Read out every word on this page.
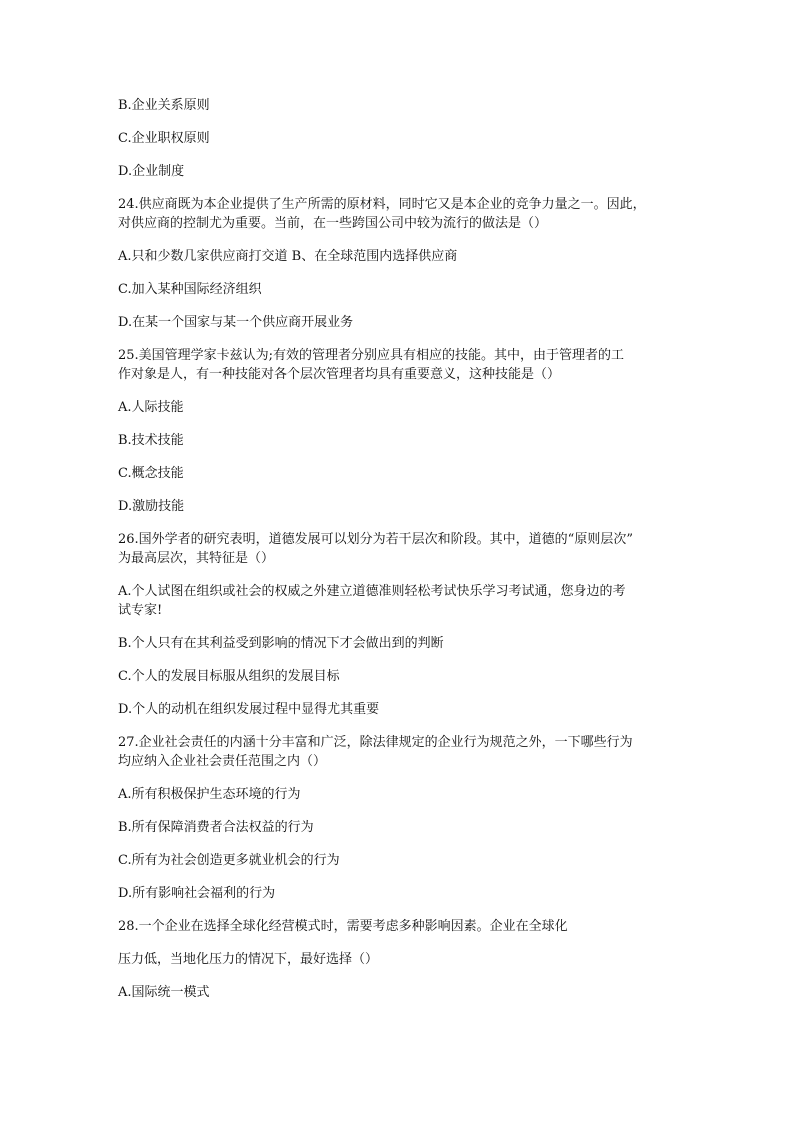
B.企业关系原则
C.企业职权原则
D.企业制度
24.供应商既为本企业提供了生产所需的原材料，同时它又是本企业的竞争力量之一。因此，
对供应商的控制尤为重要。当前，在一些跨国公司中较为流行的做法是（）
A.只和少数几家供应商打交道 B、在全球范围内选择供应商
C.加入某种国际经济组织
D.在某一个国家与某一个供应商开展业务
25.美国管理学家卡兹认为;有效的管理者分别应具有相应的技能。其中，由于管理者的工
作对象是人，有一种技能对各个层次管理者均具有重要意义，这种技能是（）
A.人际技能
B.技术技能
C.概念技能
D.激励技能
26.国外学者的研究表明，道德发展可以划分为若干层次和阶段。其中，道德的“原则层次”
为最高层次，其特征是（）
A.个人试图在组织或社会的权威之外建立道德准则轻松考试快乐学习考试通，您身边的考
试专家!
B.个人只有在其利益受到影响的情况下才会做出到的判断
C.个人的发展目标服从组织的发展目标
D.个人的动机在组织发展过程中显得尤其重要
27.企业社会责任的内涵十分丰富和广泛，除法律规定的企业行为规范之外，一下哪些行为
均应纳入企业社会责任范围之内（）
A.所有积极保护生态环境的行为
B.所有保障消费者合法权益的行为
C.所有为社会创造更多就业机会的行为
D.所有影响社会福利的行为
28.一个企业在选择全球化经营模式时，需要考虑多种影响因素。企业在全球化
压力低，当地化压力的情况下，最好选择（）
A.国际统一模式
